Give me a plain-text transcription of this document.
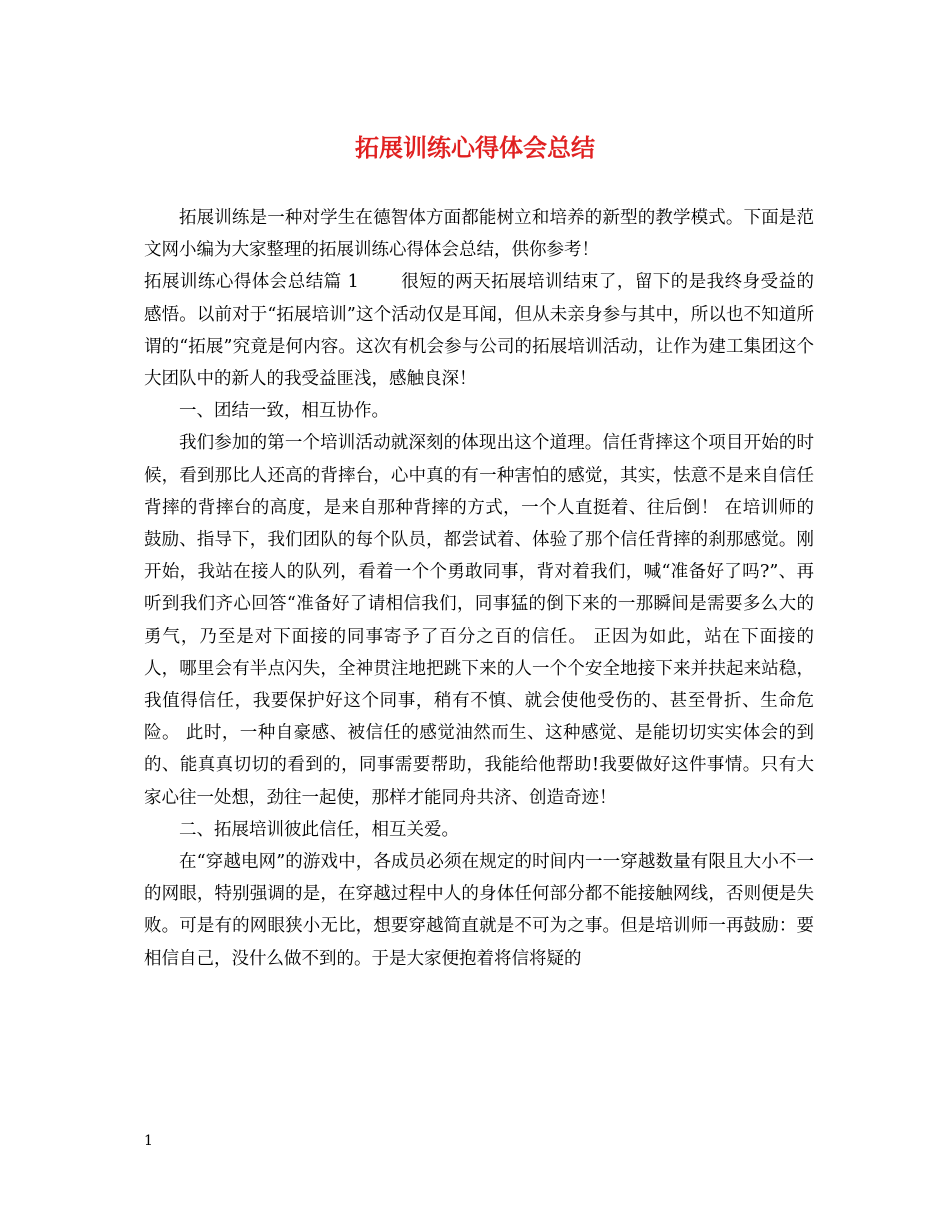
拓展训练心得体会总结

拓展训练是一种对学生在德智体方面都能树立和培养的新型的教学模式。下面是范文网小编为大家整理的拓展训练心得体会总结，供你参考！

拓展训练心得体会总结篇 1 很短的两天拓展培训结束了，留下的是我终身受益的感悟。以前对于“拓展培训”这个活动仅是耳闻，但从未亲身参与其中，所以也不知道所谓的“拓展”究竟是何内容。这次有机会参与公司的拓展培训活动，让作为建工集团这个大团队中的新人的我受益匪浅，感触良深！

一、团结一致，相互协作。

我们参加的第一个培训活动就深刻的体现出这个道理。信任背摔这个项目开始的时候，看到那比人还高的背摔台，心中真的有一种害怕的感觉，其实，怯意不是来自信任背摔的背摔台的高度，是来自那种背摔的方式，一个人直挺着、往后倒！ 在培训师的鼓励、指导下，我们团队的每个队员，都尝试着、体验了那个信任背摔的刹那感觉。刚开始，我站在接人的队列，看着一个个勇敢同事，背对着我们，喊“准备好了吗?”、再听到我们齐心回答“准备好了请相信我们，同事猛的倒下来的一那瞬间是需要多么大的勇气，乃至是对下面接的同事寄予了百分之百的信任。 正因为如此，站在下面接的人，哪里会有半点闪失，全神贯注地把跳下来的人一个个安全地接下来并扶起来站稳，我值得信任，我要保护好这个同事，稍有不慎、就会使他受伤的、甚至骨折、生命危险。 此时，一种自豪感、被信任的感觉油然而生、这种感觉、是能切切实实体会的到的、能真真切切的看到的，同事需要帮助，我能给他帮助!我要做好这件事情。只有大家心往一处想，劲往一起使，那样才能同舟共济、创造奇迹！

二、拓展培训彼此信任，相互关爱。

在“穿越电网”的游戏中，各成员必须在规定的时间内一一穿越数量有限且大小不一的网眼，特别强调的是，在穿越过程中人的身体任何部分都不能接触网线，否则便是失败。可是有的网眼狭小无比，想要穿越简直就是不可为之事。但是培训师一再鼓励：要相信自己，没什么做不到的。于是大家便抱着将信将疑的

1
